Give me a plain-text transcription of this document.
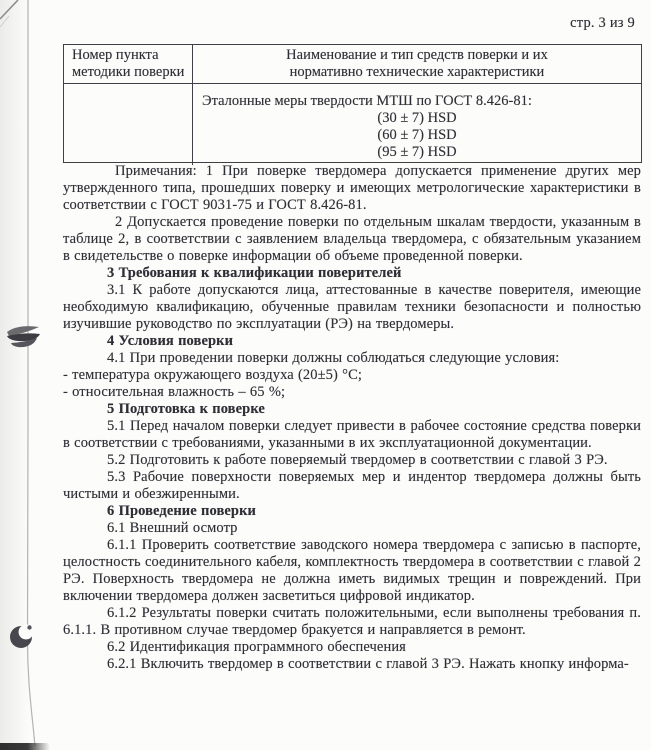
стр. 3 из 9
Номер пункта
методики поверки
Наименование и тип средств поверки и их
нормативно технические характеристики
Эталонные меры твердости МТШ по ГОСТ 8.426-81:
(30 ± 7) HSD
(60 ± 7) HSD
(95 ± 7) HSD

Примечания: 1 При поверке твердомера допускается применение других мер утвержденного типа, прошедших поверку и имеющих метрологические характеристики в соответствии с ГОСТ 9031-75 и ГОСТ 8.426-81.

2 Допускается проведение поверки по отдельным шкалам твердости, указанным в таблице 2, в соответствии с заявлением владельца твердомера, с обязательным указанием в свидетельстве о поверке информации об объеме проведенной поверки.

3 Требования к квалификации поверителей

3.1 К работе допускаются лица, аттестованные в качестве поверителя, имеющие необходимую квалификацию, обученные правилам техники безопасности и полностью изучившие руководство по эксплуатации (РЭ) на твердомеры.

4 Условия поверки

4.1 При проведении поверки должны соблюдаться следующие условия:

- температура окружающего воздуха (20±5) °С;

- относительная влажность – 65 %;

5 Подготовка к поверке

5.1 Перед началом поверки следует привести в рабочее состояние средства поверки в соответствии с требованиями, указанными в их эксплуатационной документации.

5.2 Подготовить к работе поверяемый твердомер в соответствии с главой 3 РЭ.

5.3 Рабочие поверхности поверяемых мер и индентор твердомера должны быть чистыми и обезжиренными.

6 Проведение поверки

6.1 Внешний осмотр

6.1.1 Проверить соответствие заводского номера твердомера с записью в паспорте, целостность соединительного кабеля, комплектность твердомера в соответствии с главой 2 РЭ. Поверхность твердомера не должна иметь видимых трещин и повреждений. При включении твердомера должен засветиться цифровой индикатор.

6.1.2 Результаты поверки считать положительными, если выполнены требования п. 6.1.1. В противном случае твердомер бракуется и направляется в ремонт.

6.2 Идентификация программного обеспечения

6.2.1 Включить твердомер в соответствии с главой 3 РЭ. Нажать кнопку информа-
